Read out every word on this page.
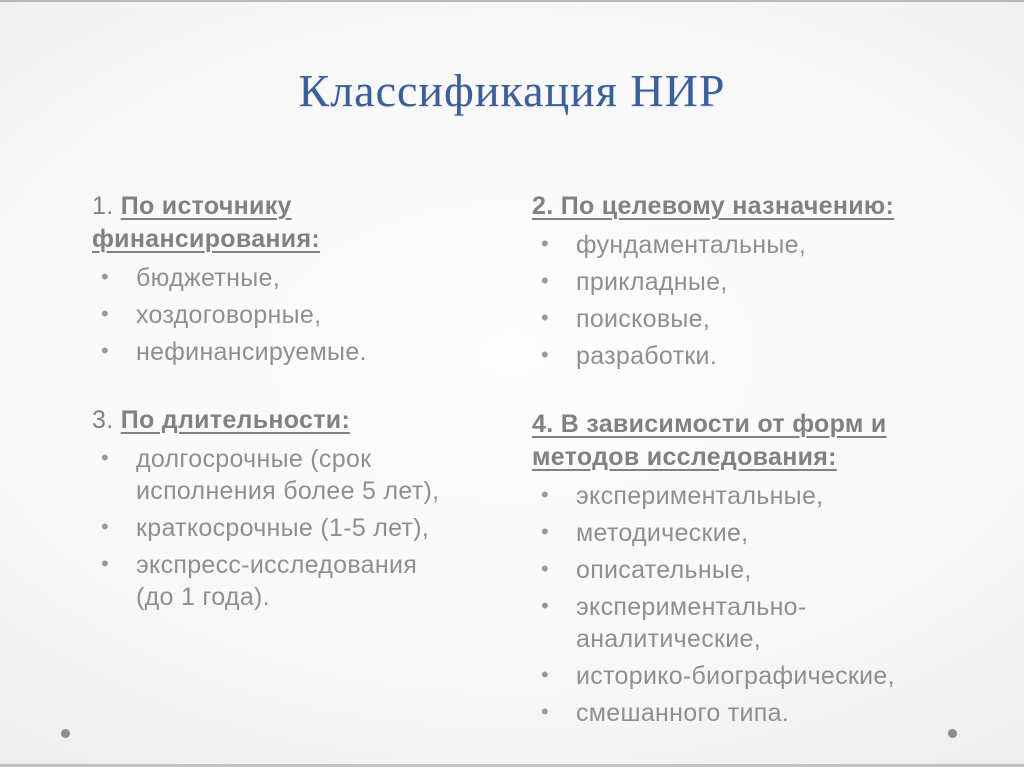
Классификация НИР

1. По источнику финансирования:

• бюджетные,
• хоздоговорные,
• нефинансируемые.

3. По длительности:

• долгосрочные (срок исполнения более 5 лет),
• краткосрочные (1-5 лет),
• экспресс-исследования (до 1 года).

2. По целевому назначению:

• фундаментальные,
• прикладные,
• поисковые,
• разработки.

4. В зависимости от форм и методов исследования:

• экспериментальные,
• методические,
• описательные,
• экспериментально-аналитические,
• историко-биографические,
• смешанного типа.
